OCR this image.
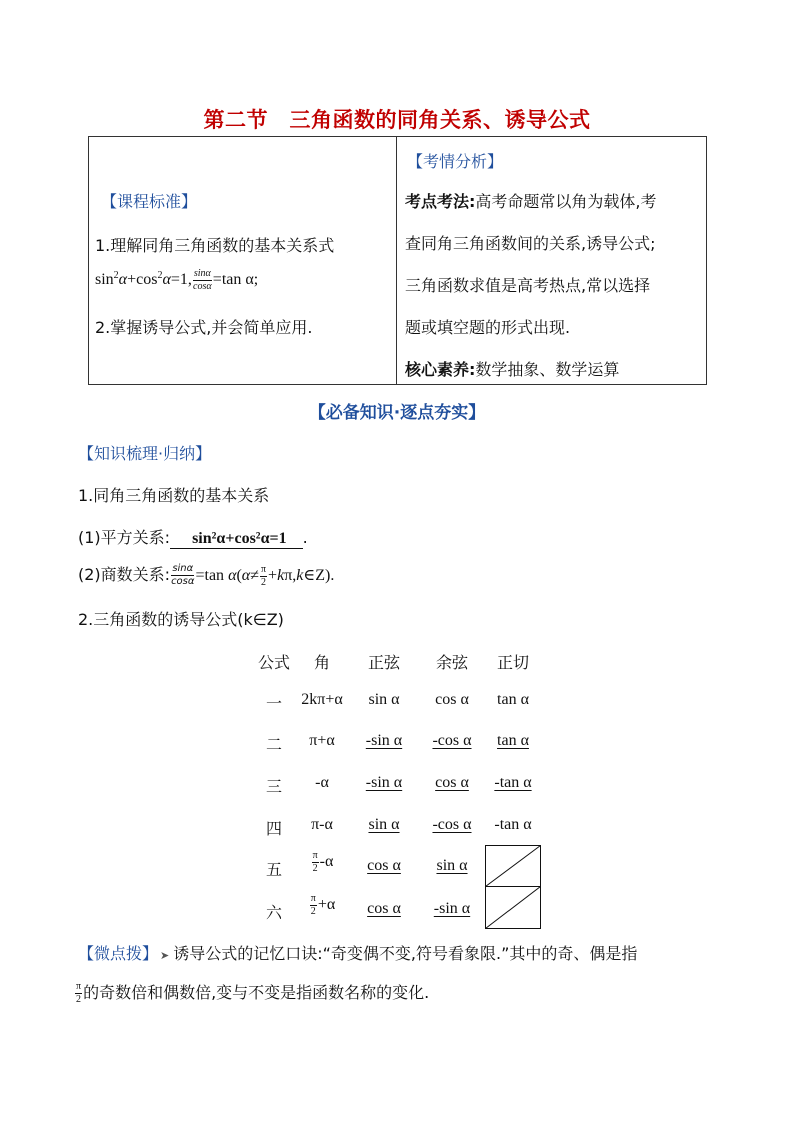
第二节　三角函数的同角关系、诱导公式
【课程标准】
1.理解同角三角函数的基本关系式
$\sin^2\alpha+\cos^2\alpha=1$, $\frac{\sin\alpha}{\cos\alpha} =\tan$ α;
2.掌握诱导公式,并会简单应用.
【考情分析】
考点考法:高考命题常以角为载体,考
查同角三角函数间的关系,诱导公式;
三角函数求值是高考热点,常以选择
题或填空题的形式出现.
核心素养:数学抽象、数学运算
【必备知识·逐点夯实】
【知识梳理·归纳】
1.同角三角函数的基本关系
(1)平方关系: sin²α+cos²α=1 .
(2)商数关系: $\frac{\sin\alpha}{\cos\alpha} =\tan$ $\alpha(\alpha\ne \frac{\pi}{2}$ +kπ,k∈Z).
2.三角函数的诱导公式(k∈Z)
公式	角	正弦	余弦	正切
一	2kπ+α	sin α	cos α	tan α
二	π+α	-sin α	-cos α	tan α
三	-α	-sin α	cos α	-tan α
四	π-α	sin α	-cos α	-tan α
五	$\frac{\pi}{2} -\alpha$	cos α	sin α
六	$\frac{\pi}{2} +\alpha$	cos α	-sin α
【微点拨】 ➤ 诱导公式的记忆口诀:“奇变偶不变,符号看象限.”其中的奇、偶是指
$\frac{\pi}{2}$ 的奇数倍和偶数倍,变与不变是指函数名称的变化.
